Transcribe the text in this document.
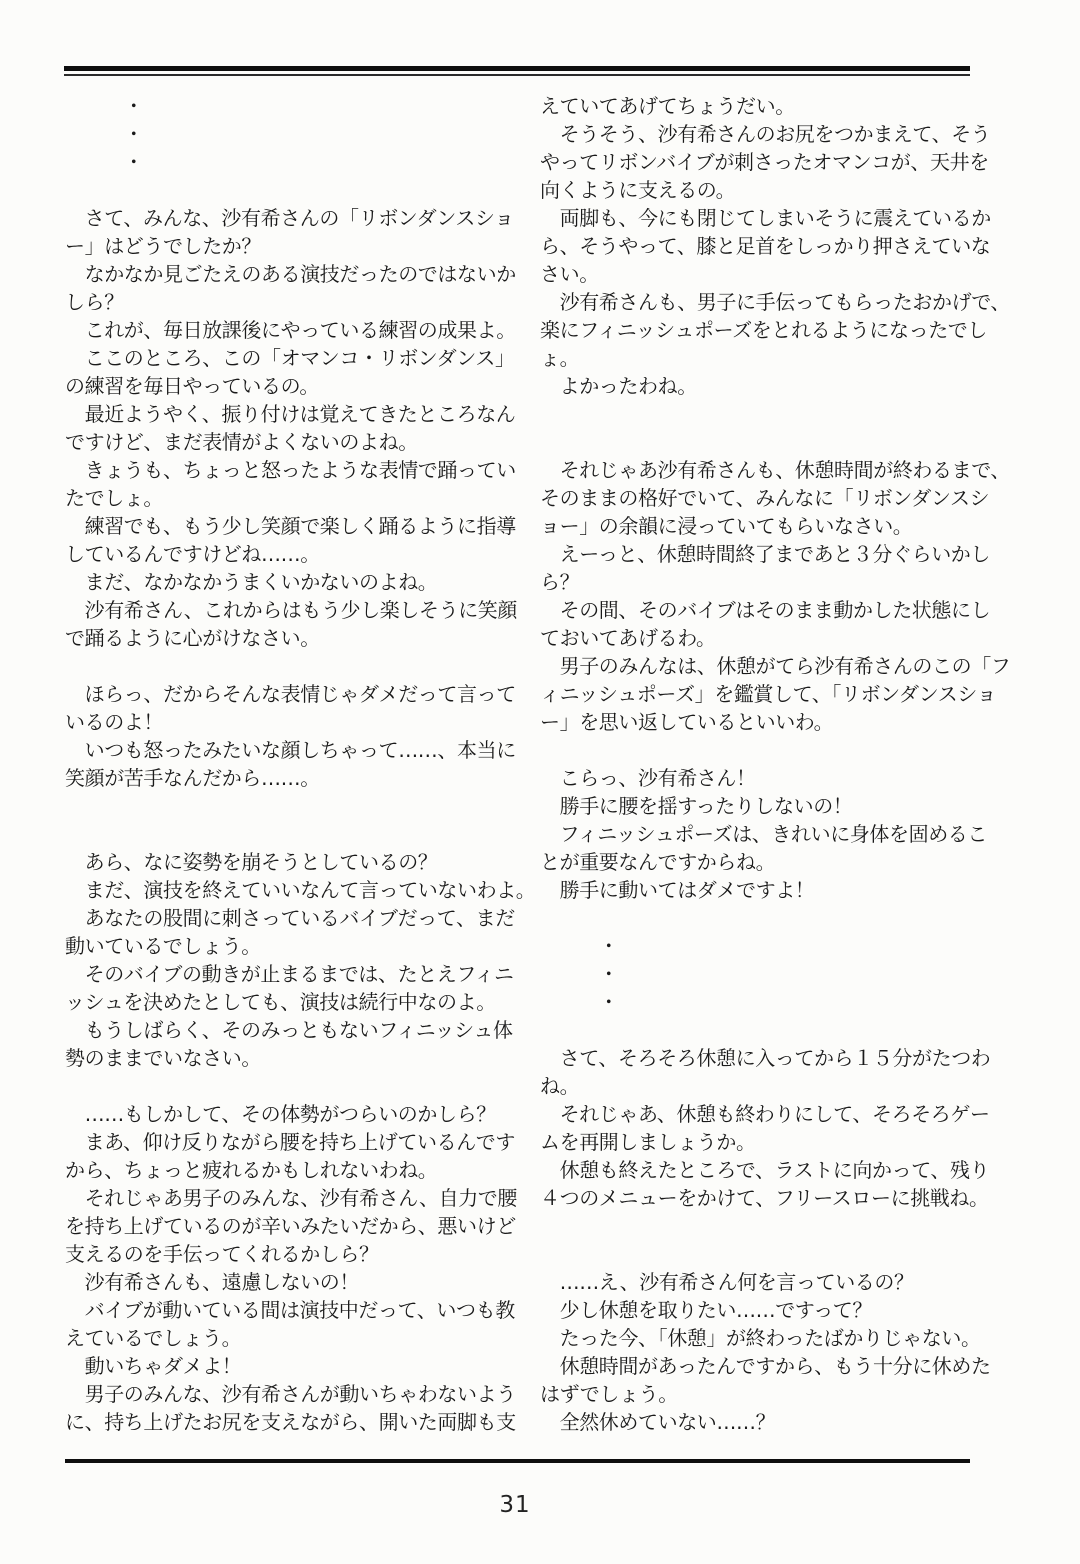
　　　・
　　　・
　　　・

　さて、みんな、沙有希さんの「リボンダンスショ
ー」はどうでしたか？
　なかなか見ごたえのある演技だったのではないか
しら？
　これが、毎日放課後にやっている練習の成果よ。
　ここのところ、この「オマンコ・リボンダンス」
の練習を毎日やっているの。
　最近ようやく、振り付けは覚えてきたところなん
ですけど、まだ表情がよくないのよね。
　きょうも、ちょっと怒ったような表情で踊ってい
たでしょ。
　練習でも、もう少し笑顔で楽しく踊るように指導
しているんですけどね……。
　まだ、なかなかうまくいかないのよね。
　沙有希さん、これからはもう少し楽しそうに笑顔
で踊るように心がけなさい。

　ほらっ、だからそんな表情じゃダメだって言って
いるのよ！
　いつも怒ったみたいな顔しちゃって……、本当に
笑顔が苦手なんだから……。

　あら、なに姿勢を崩そうとしているの？
　まだ、演技を終えていいなんて言っていないわよ。
　あなたの股間に刺さっているバイブだって、まだ
動いているでしょう。
　そのバイブの動きが止まるまでは、たとえフィニ
ッシュを決めたとしても、演技は続行中なのよ。
　もうしばらく、そのみっともないフィニッシュ体
勢のままでいなさい。

　……もしかして、その体勢がつらいのかしら？
　まあ、仰け反りながら腰を持ち上げているんです
から、ちょっと疲れるかもしれないわね。
　それじゃあ男子のみんな、沙有希さん、自力で腰
を持ち上げているのが辛いみたいだから、悪いけど
支えるのを手伝ってくれるかしら？
　沙有希さんも、遠慮しないの！
　バイブが動いている間は演技中だって、いつも教
えているでしょう。
　動いちゃダメよ！
　男子のみんな、沙有希さんが動いちゃわないよう
に、持ち上げたお尻を支えながら、開いた両脚も支
えていてあげてちょうだい。
　そうそう、沙有希さんのお尻をつかまえて、そう
やってリボンバイブが刺さったオマンコが、天井を
向くように支えるの。
　両脚も、今にも閉じてしまいそうに震えているか
ら、そうやって、膝と足首をしっかり押さえていな
さい。
　沙有希さんも、男子に手伝ってもらったおかげで、
楽にフィニッシュポーズをとれるようになったでし
ょ。
　よかったわね。

　それじゃあ沙有希さんも、休憩時間が終わるまで、
そのままの格好でいて、みんなに「リボンダンスシ
ョー」の余韻に浸っていてもらいなさい。
　えーっと、休憩時間終了まであと３分ぐらいかし
ら？
　その間、そのバイブはそのまま動かした状態にし
ておいてあげるわ。
　男子のみんなは、休憩がてら沙有希さんのこの「フ
ィニッシュポーズ」を鑑賞して、「リボンダンスショ
ー」を思い返しているといいわ。

　こらっ、沙有希さん！
　勝手に腰を揺すったりしないの！
　フィニッシュポーズは、きれいに身体を固めるこ
とが重要なんですからね。
　勝手に動いてはダメですよ！

　　　・
　　　・
　　　・

　さて、そろそろ休憩に入ってから１５分がたつわ
ね。
　それじゃあ、休憩も終わりにして、そろそろゲー
ムを再開しましょうか。
　休憩も終えたところで、ラストに向かって、残り
４つのメニューをかけて、フリースローに挑戦ね。

　……え、沙有希さん何を言っているの？
　少し休憩を取りたい……ですって？
　たった今、「休憩」が終わったばかりじゃない。
　休憩時間があったんですから、もう十分に休めた
はずでしょう。
　全然休めていない……？
31
